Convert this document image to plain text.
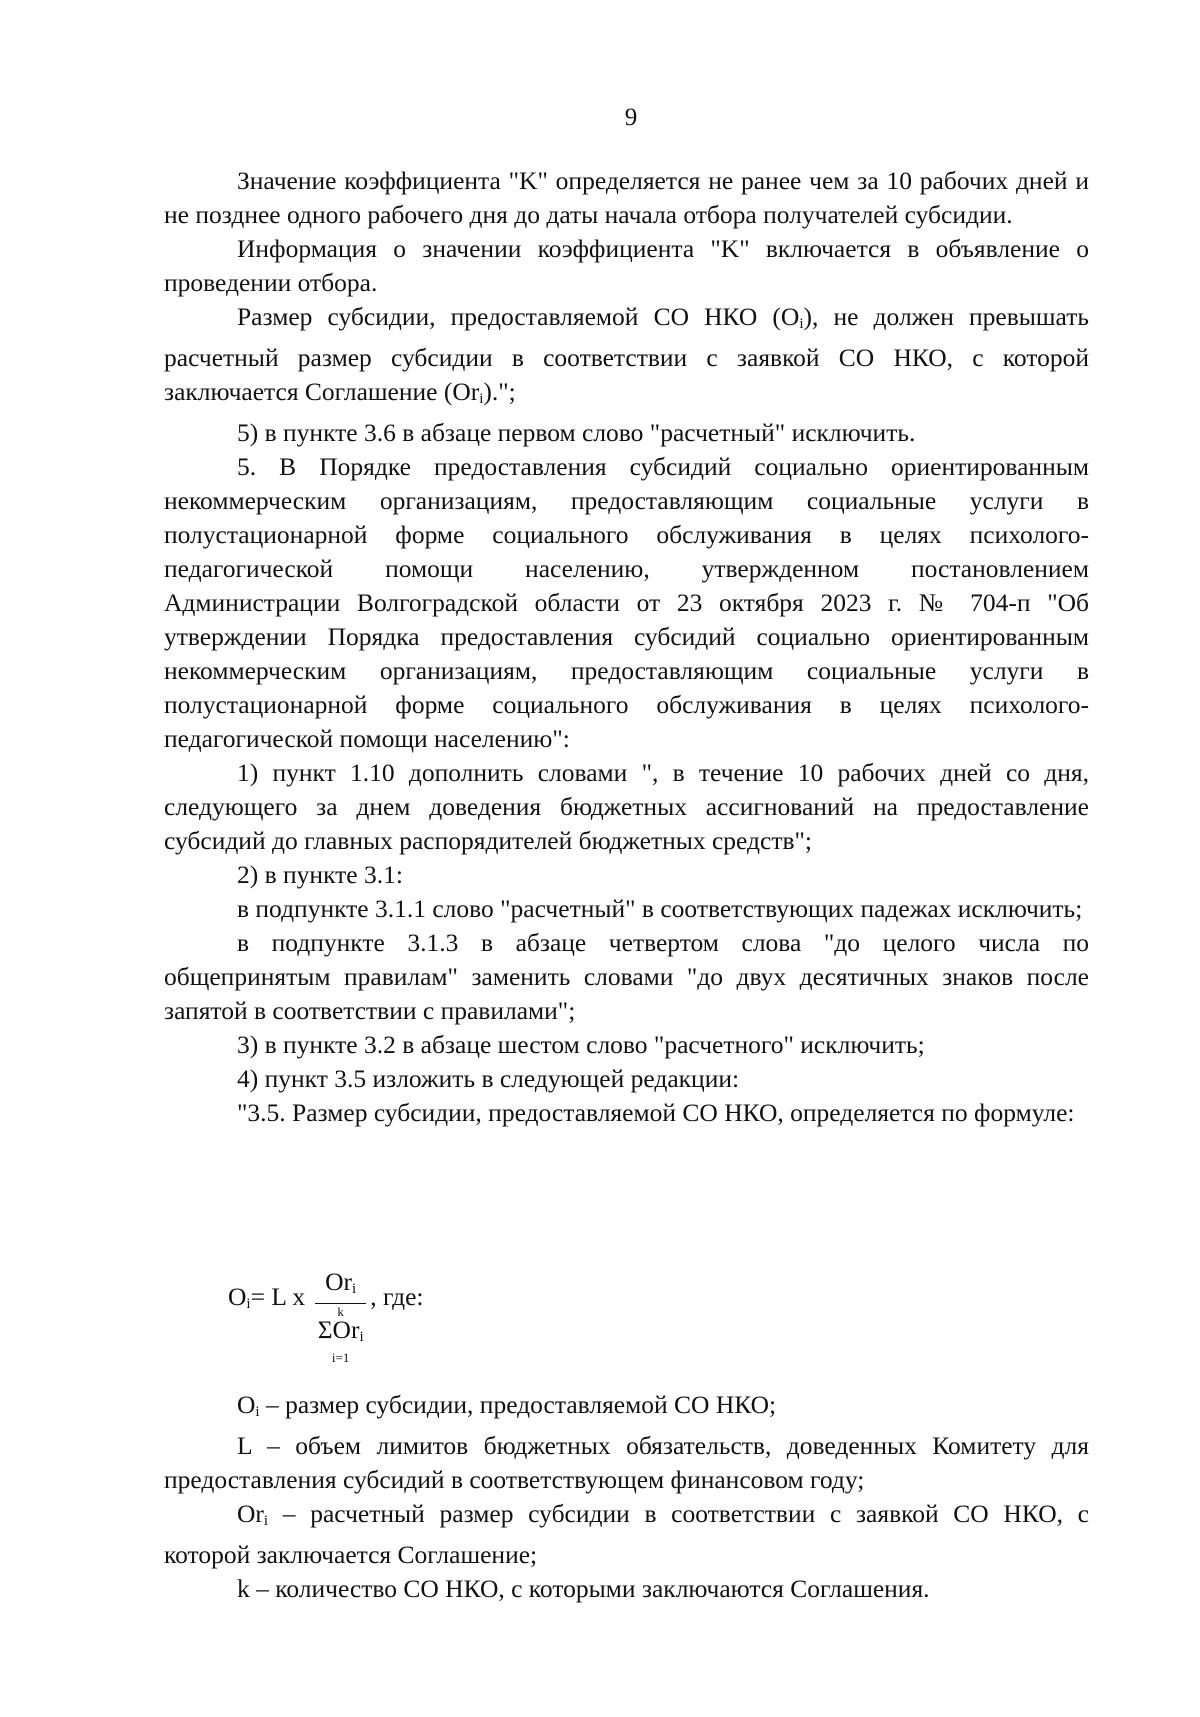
9

Значение коэффициента "K" определяется не ранее чем за 10 рабочих дней и не позднее одного рабочего дня до даты начала отбора получателей субсидии.

Информация о значении коэффициента "K" включается в объявление о проведении отбора.

Размер субсидии, предоставляемой СО НКО $(O_i)$, не должен превышать расчетный размер субсидии в соответствии с заявкой СО НКО, с которой заключается Соглашение $(Or_i)$.";

5) в пункте 3.6 в абзаце первом слово "расчетный" исключить.

5. В Порядке предоставления субсидий социально ориентированным некоммерческим организациям, предоставляющим социальные услуги в полустационарной форме социального обслуживания в целях психолого-педагогической помощи населению, утвержденном постановлением Администрации Волгоградской области от 23 октября 2023 г. № 704-п "Об утверждении Порядка предоставления субсидий социально ориентированным некоммерческим организациям, предоставляющим социальные услуги в полустационарной форме социального обслуживания в целях психолого-педагогической помощи населению":

1) пункт 1.10 дополнить словами ", в течение 10 рабочих дней со дня, следующего за днем доведения бюджетных ассигнований на предоставление субсидий до главных распорядителей бюджетных средств";

2) в пункте 3.1:

в подпункте 3.1.1 слово "расчетный" в соответствующих падежах исключить;

в подпункте 3.1.3 в абзаце четвертом слова "до целого числа по общепринятым правилам" заменить словами "до двух десятичных знаков после запятой в соответствии с правилами";

3) в пункте 3.2 в абзаце шестом слово "расчетного" исключить;

4) пункт 3.5 изложить в следующей редакции:

"3.5. Размер субсидии, предоставляемой СО НКО, определяется по формуле:

$O_i= L$ x $Or_i$
k
ΣOr$_i$
i=1 , где:

$O_i$ – размер субсидии, предоставляемой СО НКО;

L – объем лимитов бюджетных обязательств, доведенных Комитету для предоставления субсидий в соответствующем финансовом году;

$Or_i$ – расчетный размер субсидии в соответствии с заявкой СО НКО, с которой заключается Соглашение;

k – количество СО НКО, с которыми заключаются Соглашения.
